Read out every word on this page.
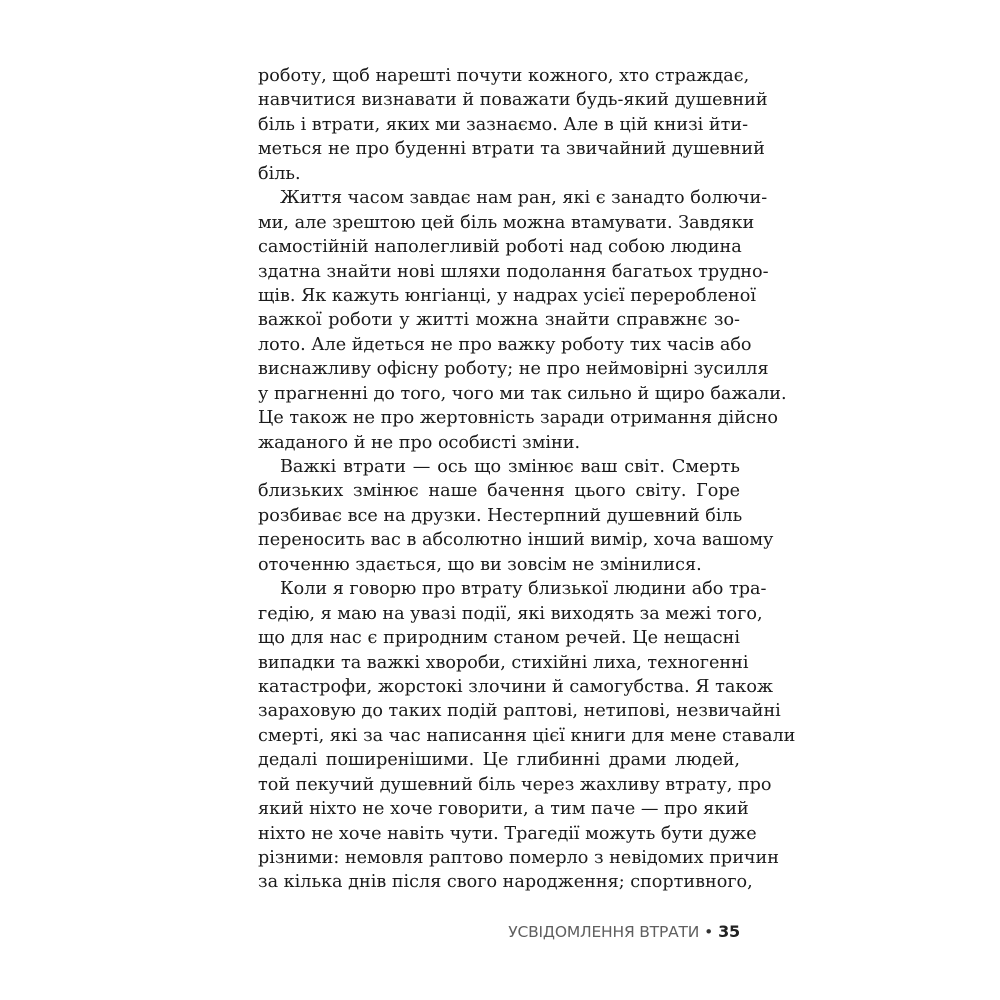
роботу, щоб нарешті почути кожного, хто страждає,
навчитися визнавати й поважати будь-який душевний
біль і втрати, яких ми зазнаємо. Але в цій книзі йти-
меться не про буденні втрати та звичайний душевний
біль.
Життя часом завдає нам ран, які є занадто болючи-
ми, але зрештою цей біль можна втамувати. Завдяки
самостійній наполегливій роботі над собою людина
здатна знайти нові шляхи подолання багатьох трудно-
щів. Як кажуть юнгіанці, у надрах усієї переробленої
важкої роботи у житті можна знайти справжнє зо-
лото. Але йдеться не про важку роботу тих часів або
виснажливу офісну роботу; не про неймовірні зусилля
у прагненні до того, чого ми так сильно й щиро бажали.
Це також не про жертовність заради отримання дійсно
жаданого й не про особисті зміни.
Важкі втрати — ось що змінює ваш світ. Смерть
близьких змінює наше бачення цього світу. Горе
розбиває все на друзки. Нестерпний душевний біль
переносить вас в абсолютно інший вимір, хоча вашому
оточенню здається, що ви зовсім не змінилися.
Коли я говорю про втрату близької людини або тра-
гедію, я маю на увазі події, які виходять за межі того,
що для нас є природним станом речей. Це нещасні
випадки та важкі хвороби, стихійні лиха, техногенні
катастрофи, жорстокі злочини й самогубства. Я також
зараховую до таких подій раптові, нетипові, незвичайні
смерті, які за час написання цієї книги для мене ставали
дедалі поширенішими. Це глибинні драми людей,
той пекучий душевний біль через жахливу втрату, про
який ніхто не хоче говорити, а тим паче — про який
ніхто не хоче навіть чути. Трагедії можуть бути дуже
різними: немовля раптово померло з невідомих причин
за кілька днів після свого народження; спортивного,
УСВІДОМЛЕННЯ ВТРАТИ • 35
